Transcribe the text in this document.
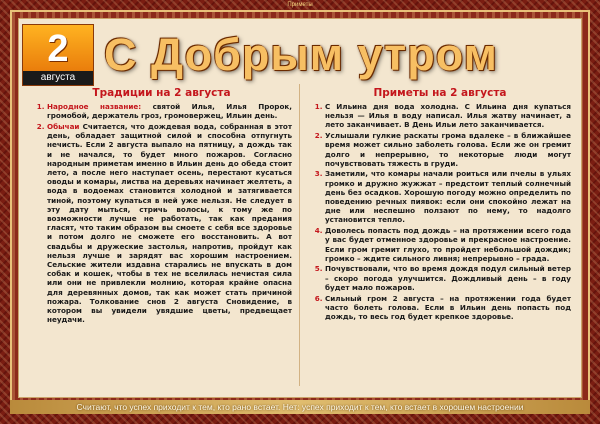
Приметы
2
августа С Добрым утром
Традиции на 2 августа
1. Народное название: святой Илья, Илья Пророк, громобой, держатель гроз, громовержец, Ильин день.
2. Обычаи Считается, что дождевая вода, собранная в этот день, обладает защитной силой и способна отпугнуть нечисть. Если 2 августа выпало на пятницу, а дождь так и не начался, то будет много пожаров. Согласно народным приметам именно в Ильин день до обеда стоит лето, а после него наступает осень, перестают кусаться оводы и комары, листва на деревьях начинает желтеть, а вода в водоемах становится холодной и затягивается тиной, поэтому купаться в ней уже нельзя. Не следует в эту дату мыться, стричь волосы, к тому же по возможности лучше не работать, так как предания гласят, что таким образом вы смоете с себя все здоровье и потом долго не сможете его восстановить. А вот свадьбы и дружеские застолья, напротив, пройдут как нельзя лучше и зарядят вас хорошим настроением. Сельские жители издавна старались не впускать в дом собак и кошек, чтобы в тех не вселилась нечистая сила или они не привлекли молнию, которая крайне опасна для деревянных домов, так как может стать причиной пожара. Толкование снов 2 августа Сновидение, в котором вы увидели увядшие цветы, предвещает неудачи.
Приметы на 2 августа
1. С Ильина дня вода холодна. С Ильина дня купаться нельзя — Илья в воду написал. Илья жатву начинает, а лето заканчивает. В День Ильи лето заканчивается.
2. Услышали гулкие раскаты грома вдалеке – в ближайшее время может сильно заболеть голова. Если же он гремит долго и непрерывно, то некоторые люди могут почувствовать тяжесть в груди.
3. Заметили, что комары начали роиться или пчелы в ульях громко и дружно жужжат – предстоит теплый солнечный день без осадков. Хорошую погоду можно определить по поведению речных пиявок: если они спокойно лежат на дне или неспешно ползают по нему, то надолго установится тепло.
4. Доволесь попасть под дождь – на протяжении всего года у вас будет отменное здоровье и прекрасное настроение. Если гром гремит глухо, то пройдет небольшой дождик; громко – ждите сильного ливня; непрерывно – града.
5. Почувствовали, что во время дождя подул сильный ветер – скоро погода улучшится. Дождливый день – в году будет мало пожаров.
6. Сильный гром 2 августа – на протяжении года будет часто болеть голова. Если в Ильин день попасть под дождь, то весь год будет крепкое здоровье.
Считают, что успех приходит к тем, кто рано встает. Нет: успех приходит к тем, кто встает в хорошем настроении
